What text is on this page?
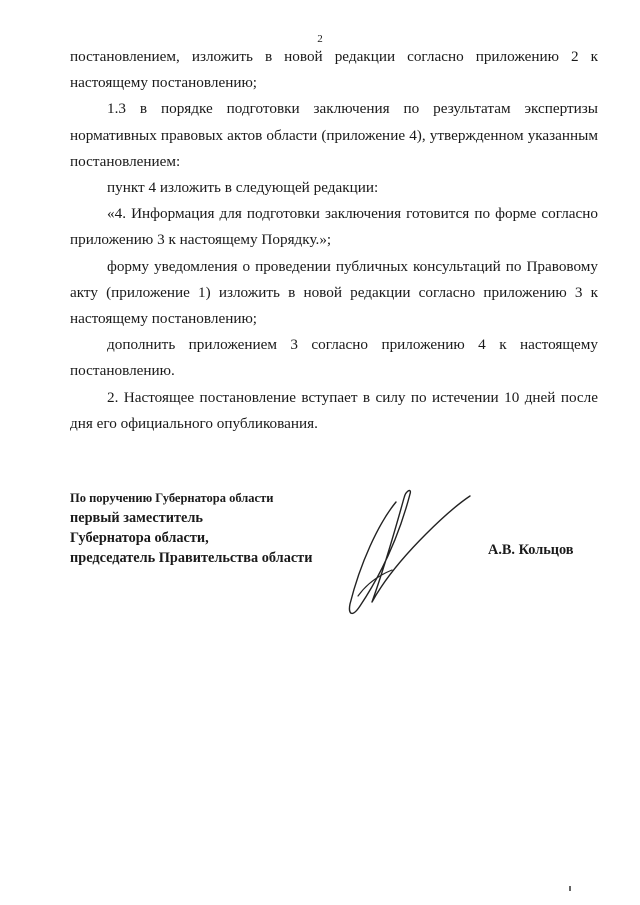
2

постановлением, изложить в новой редакции согласно приложению 2 к настоящему постановлению;

1.3 в порядке подготовки заключения по результатам экспертизы нормативных правовых актов области (приложение 4), утвержденном указанным постановлением:

пункт 4 изложить в следующей редакции:

«4. Информация для подготовки заключения готовится по форме согласно приложению 3 к настоящему Порядку.»;

форму уведомления о проведении публичных консультаций по Правовому акту (приложение 1) изложить в новой редакции согласно приложению 3 к настоящему постановлению;

дополнить приложением 3 согласно приложению 4 к настоящему постановлению.

2. Настоящее постановление вступает в силу по истечении 10 дней после дня его официального опубликования.

По поручению Губернатора области
первый заместитель
Губернатора области,
председатель Правительства области	А.В. Кольцов
